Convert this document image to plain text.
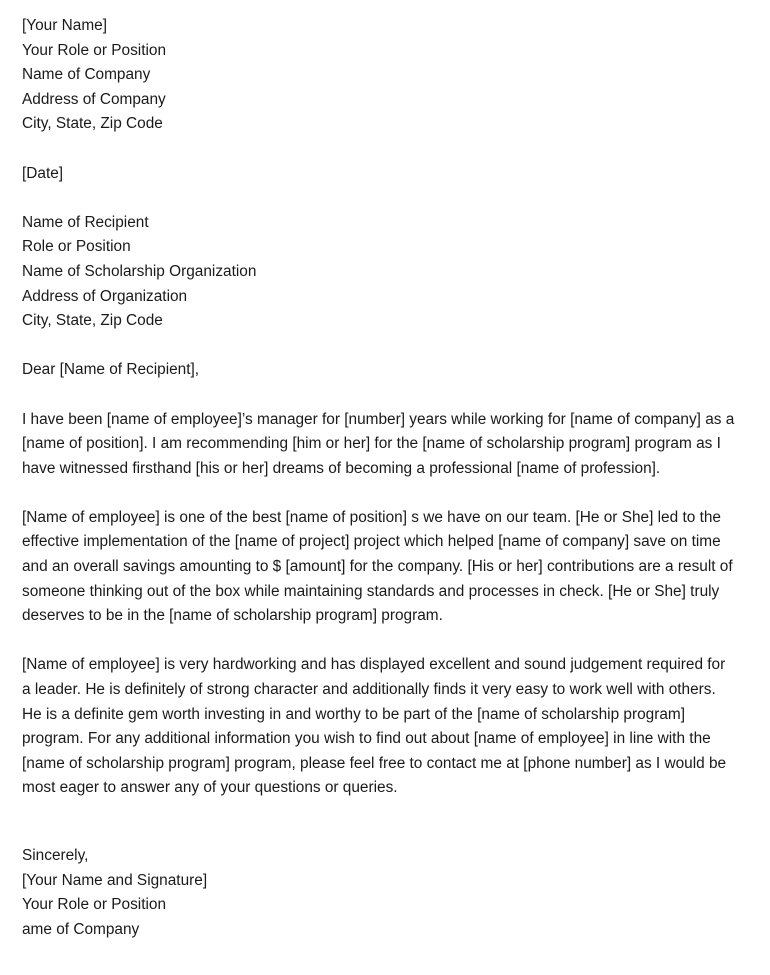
[Your Name]
Your Role or Position
Name of Company
Address of Company
City, State, Zip Code
[Date]
Name of Recipient
Role or Position
Name of Scholarship Organization
Address of Organization
City, State, Zip Code

Dear [Name of Recipient],

I have been [name of employee]’s manager for [number] years while working for [name of company] as a [name of position]. I am recommending [him or her] for the [name of scholarship program] program as I have witnessed firsthand [his or her] dreams of becoming a professional [name of profession].

[Name of employee] is one of the best [name of position] s we have on our team. [He or She] led to the effective implementation of the [name of project] project which helped [name of company] save on time and an overall savings amounting to $ [amount] for the company. [His or her] contributions are a result of someone thinking out of the box while maintaining standards and processes in check. [He or She] truly deserves to be in the [name of scholarship program] program.

[Name of employee] is very hardworking and has displayed excellent and sound judgement required for a leader. He is definitely of strong character and additionally finds it very easy to work well with others. He is a definite gem worth investing in and worthy to be part of the [name of scholarship program] program. For any additional information you wish to find out about [name of employee] in line with the [name of scholarship program] program, please feel free to contact me at [phone number] as I would be most eager to answer any of your questions or queries.

Sincerely,
[Your Name and Signature]
Your Role or Position
ame of Company
